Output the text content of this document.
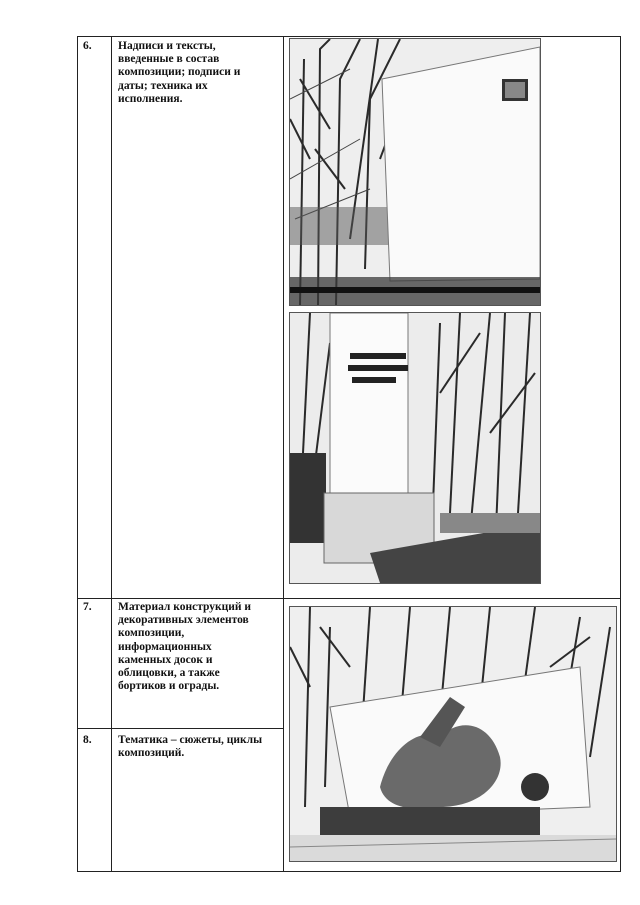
6. Надписи и тексты,
введенные в состав
композиции; подписи и
даты; техника их
исполнения.
7. Материал конструкций и
декоративных элементов
композиции,
информационных
каменных досок и
облицовки, а также
бортиков и ограды.
8. Тематика – сюжеты, циклы
композиций.
